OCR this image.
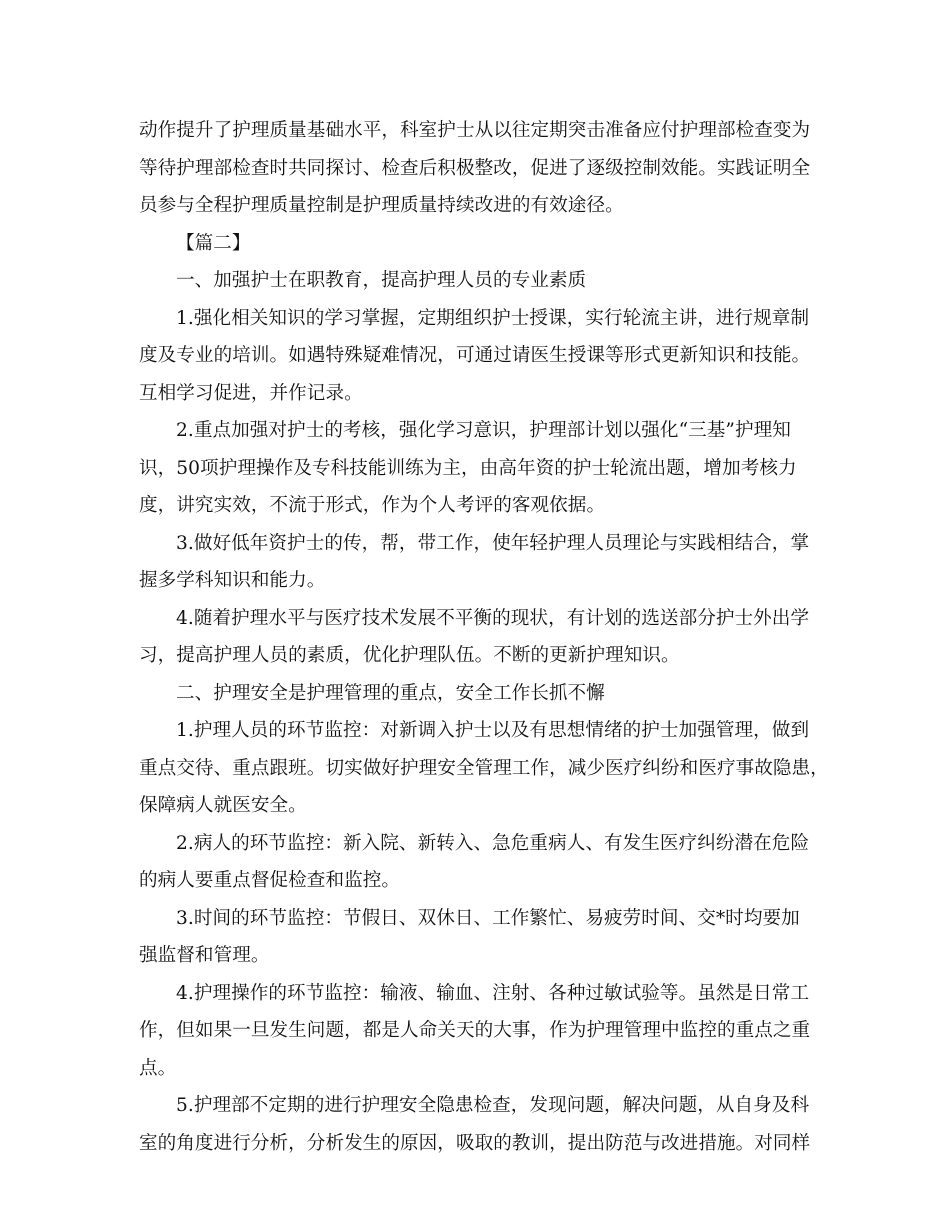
动作提升了护理质量基础水平，科室护士从以往定期突击准备应付护理部检查变为
等待护理部检查时共同探讨、检查后积极整改，促进了逐级控制效能。实践证明全
员参与全程护理质量控制是护理质量持续改进的有效途径。
【篇二】
一、加强护士在职教育，提高护理人员的专业素质
1.强化相关知识的学习掌握，定期组织护士授课，实行轮流主讲，进行规章制
度及专业的培训。如遇特殊疑难情况，可通过请医生授课等形式更新知识和技能。
互相学习促进，并作记录。
2.重点加强对护士的考核，强化学习意识，护理部计划以强化“三基”护理知
识，50项护理操作及专科技能训练为主，由高年资的护士轮流出题，增加考核力
度，讲究实效，不流于形式，作为个人考评的客观依据。
3.做好低年资护士的传，帮，带工作，使年轻护理人员理论与实践相结合，掌
握多学科知识和能力。
4.随着护理水平与医疗技术发展不平衡的现状，有计划的选送部分护士外出学
习，提高护理人员的素质，优化护理队伍。不断的更新护理知识。
二、护理安全是护理管理的重点，安全工作长抓不懈
1.护理人员的环节监控：对新调入护士以及有思想情绪的护士加强管理，做到
重点交待、重点跟班。切实做好护理安全管理工作，减少医疗纠纷和医疗事故隐患，
保障病人就医安全。
2.病人的环节监控：新入院、新转入、急危重病人、有发生医疗纠纷潜在危险
的病人要重点督促检查和监控。
3.时间的环节监控：节假日、双休日、工作繁忙、易疲劳时间、交*时均要加
强监督和管理。
4.护理操作的环节监控：输液、输血、注射、各种过敏试验等。虽然是日常工
作，但如果一旦发生问题，都是人命关天的大事，作为护理管理中监控的重点之重
点。
5.护理部不定期的进行护理安全隐患检查，发现问题，解决问题，从自身及科
室的角度进行分析，分析发生的原因，吸取的教训，提出防范与改进措施。对同样
